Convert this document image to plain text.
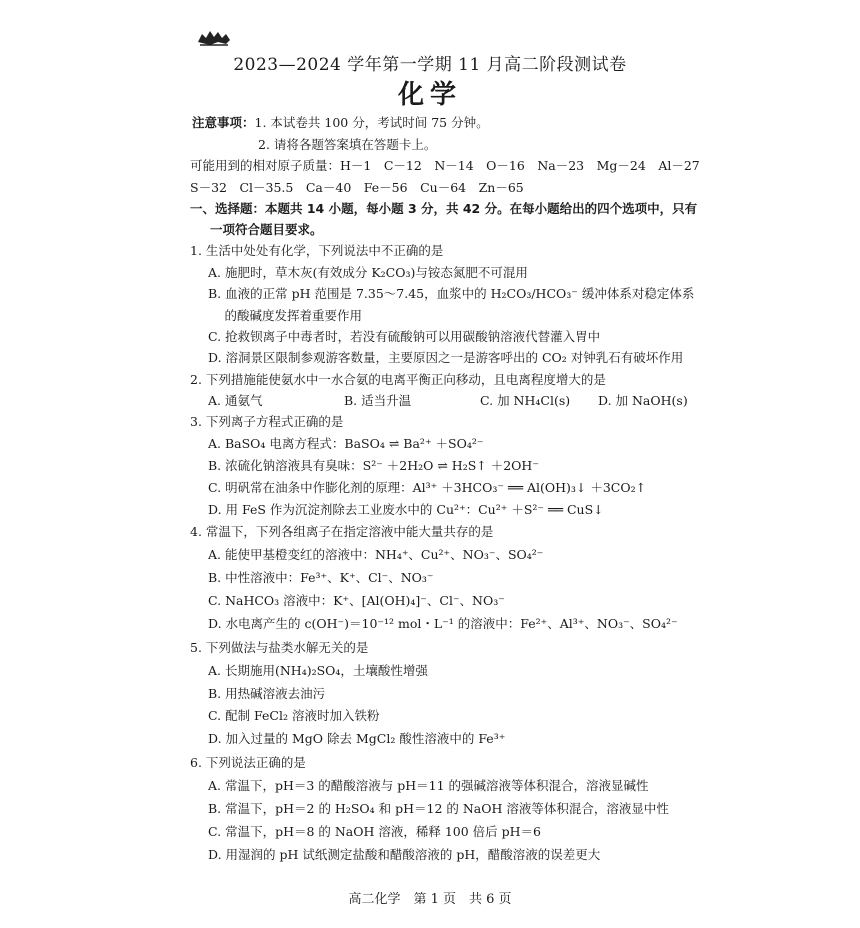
2023—2024 学年第一学期 11 月高二阶段测试卷
化学
注意事项：1. 本试卷共 100 分，考试时间 75 分钟。
2. 请将各题答案填在答题卡上。
可能用到的相对原子质量：H－1　C－12　N－14　O－16　Na－23　Mg－24　Al－27
S－32　Cl－35.5　Ca－40　Fe－56　Cu－64　Zn－65
一、选择题：本题共 14 小题，每小题 3 分，共 42 分。在每小题给出的四个选项中，只有
一项符合题目要求。
1. 生活中处处有化学，下列说法中不正确的是
A. 施肥时，草木灰(有效成分 K₂CO₃)与铵态氮肥不可混用
B. 血液的正常 pH 范围是 7.35～7.45，血浆中的 H₂CO₃/HCO₃⁻ 缓冲体系对稳定体系
　 的酸碱度发挥着重要作用
C. 抢救钡离子中毒者时，若没有硫酸钠可以用碳酸钠溶液代替灌入胃中
D. 溶洞景区限制参观游客数量，主要原因之一是游客呼出的 CO₂ 对钟乳石有破坏作用
2. 下列措施能使氨水中一水合氨的电离平衡正向移动，且电离程度增大的是
A. 通氨气	B. 适当升温	C. 加 NH₄Cl(s) D. 加 NaOH(s)
3. 下列离子方程式正确的是
A. BaSO₄ 电离方程式：BaSO₄ ⇌ Ba²⁺ ＋SO₄²⁻
B. 浓硫化钠溶液具有臭味：S²⁻ ＋2H₂O ⇌ H₂S↑ ＋2OH⁻
C. 明矾常在油条中作膨化剂的原理：Al³⁺ ＋3HCO₃⁻ ══ Al(OH)₃↓ ＋3CO₂↑
D. 用 FeS 作为沉淀剂除去工业废水中的 Cu²⁺：Cu²⁺ ＋S²⁻ ══ CuS↓
4. 常温下，下列各组离子在指定溶液中能大量共存的是
A. 能使甲基橙变红的溶液中：NH₄⁺、Cu²⁺、NO₃⁻、SO₄²⁻
B. 中性溶液中：Fe³⁺、K⁺、Cl⁻、NO₃⁻
C. NaHCO₃ 溶液中：K⁺、[Al(OH)₄]⁻、Cl⁻、NO₃⁻
D. 水电离产生的 c(OH⁻)＝10⁻¹² mol・L⁻¹ 的溶液中：Fe²⁺、Al³⁺、NO₃⁻、SO₄²⁻
5. 下列做法与盐类水解无关的是
A. 长期施用(NH₄)₂SO₄，土壤酸性增强
B. 用热碱溶液去油污
C. 配制 FeCl₂ 溶液时加入铁粉
D. 加入过量的 MgO 除去 MgCl₂ 酸性溶液中的 Fe³⁺
6. 下列说法正确的是
A. 常温下，pH＝3 的醋酸溶液与 pH＝11 的强碱溶液等体积混合，溶液显碱性
B. 常温下，pH＝2 的 H₂SO₄ 和 pH＝12 的 NaOH 溶液等体积混合，溶液显中性
C. 常温下，pH＝8 的 NaOH 溶液，稀释 100 倍后 pH＝6
D. 用湿润的 pH 试纸测定盐酸和醋酸溶液的 pH，醋酸溶液的误差更大
高二化学　第 1 页　共 6 页
